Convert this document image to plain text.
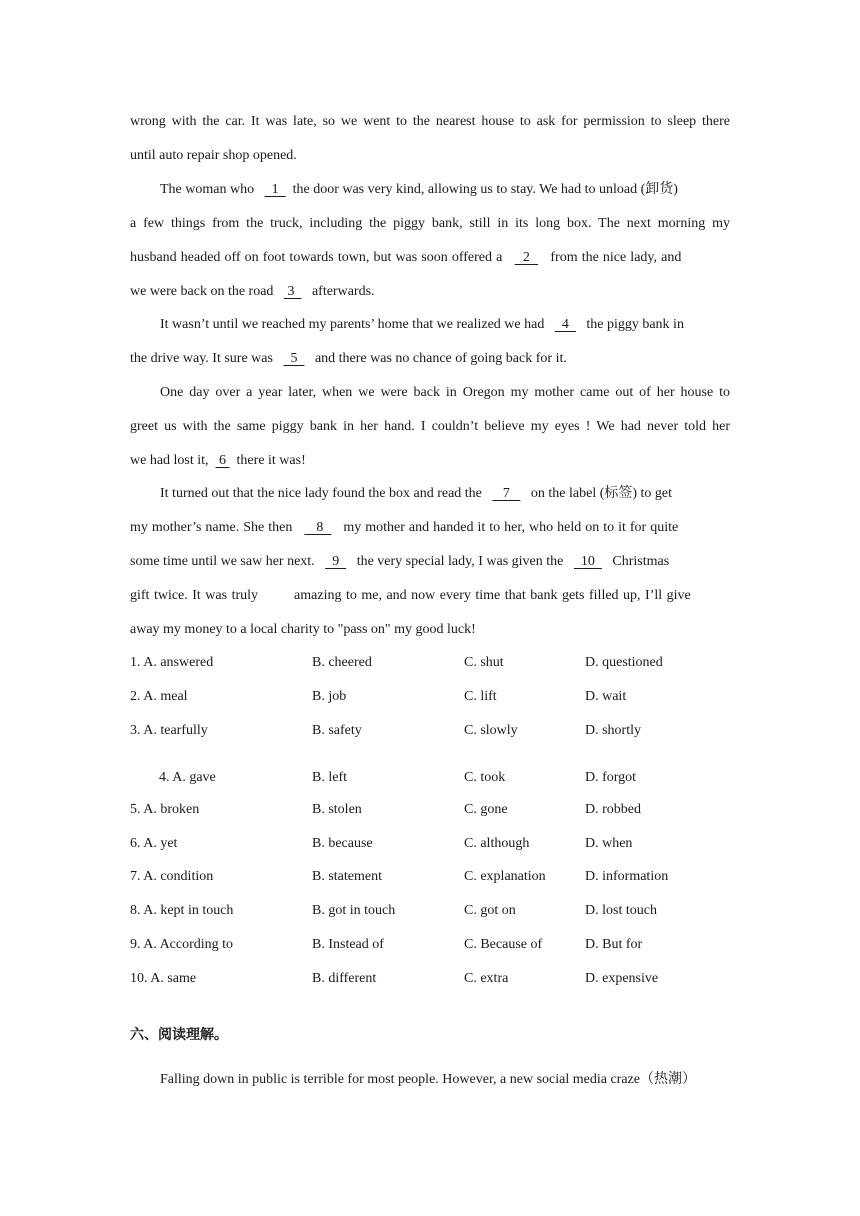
wrong with the car. It was late, so we went to the nearest house to ask for permission to sleep there
until auto repair shop opened.
The woman who 1 the door was very kind, allowing us to stay. We had to unload (卸货)
a few things from the truck, including the piggy bank, still in its long box. The next morning my
husband headed off on foot towards town, but was soon offered a 2 from the nice lady, and
we were back on the road 3 afterwards.
It wasn’t until we reached my parents’ home that we realized we had 4 the piggy bank in
the drive way. It sure was 5 and there was no chance of going back for it.
One day over a year later, when we were back in Oregon my mother came out of her house to
greet us with the same piggy bank in her hand. I couldn’t believe my eyes ! We had never told her
we had lost it, 6 there it was!
It turned out that the nice lady found the box and read the 7 on the label (标签) to get
my mother’s name. She then 8 my mother and handed it to her, who held on to it for quite
some time until we saw her next. 9 the very special lady, I was given the 10 Christmas
gift twice. It was truly	amazing to me, and now every time that bank gets filled up, I’ll give
away my money to a local charity to "pass on" my good luck!
1. A. answered	B. cheered	C. shut	D. questioned
2. A. meal	B. job	C. lift	D. wait
3. A. tearfully	B. safety	C. slowly	D. shortly
4. A. gave	B. left	C. took	D. forgot
5. A. broken	B. stolen	C. gone	D. robbed
6. A. yet	B. because	C. although	D. when
7. A. condition	B. statement	C. explanation	D. information
8. A. kept in touch	B. got in touch	C. got on	D. lost touch
9. A. According to	B. Instead of	C. Because of	D. But for
10. A. same	B. different	C. extra	D. expensive
六、阅读理解。
Falling down in public is terrible for most people. However, a new social media craze（热潮）
